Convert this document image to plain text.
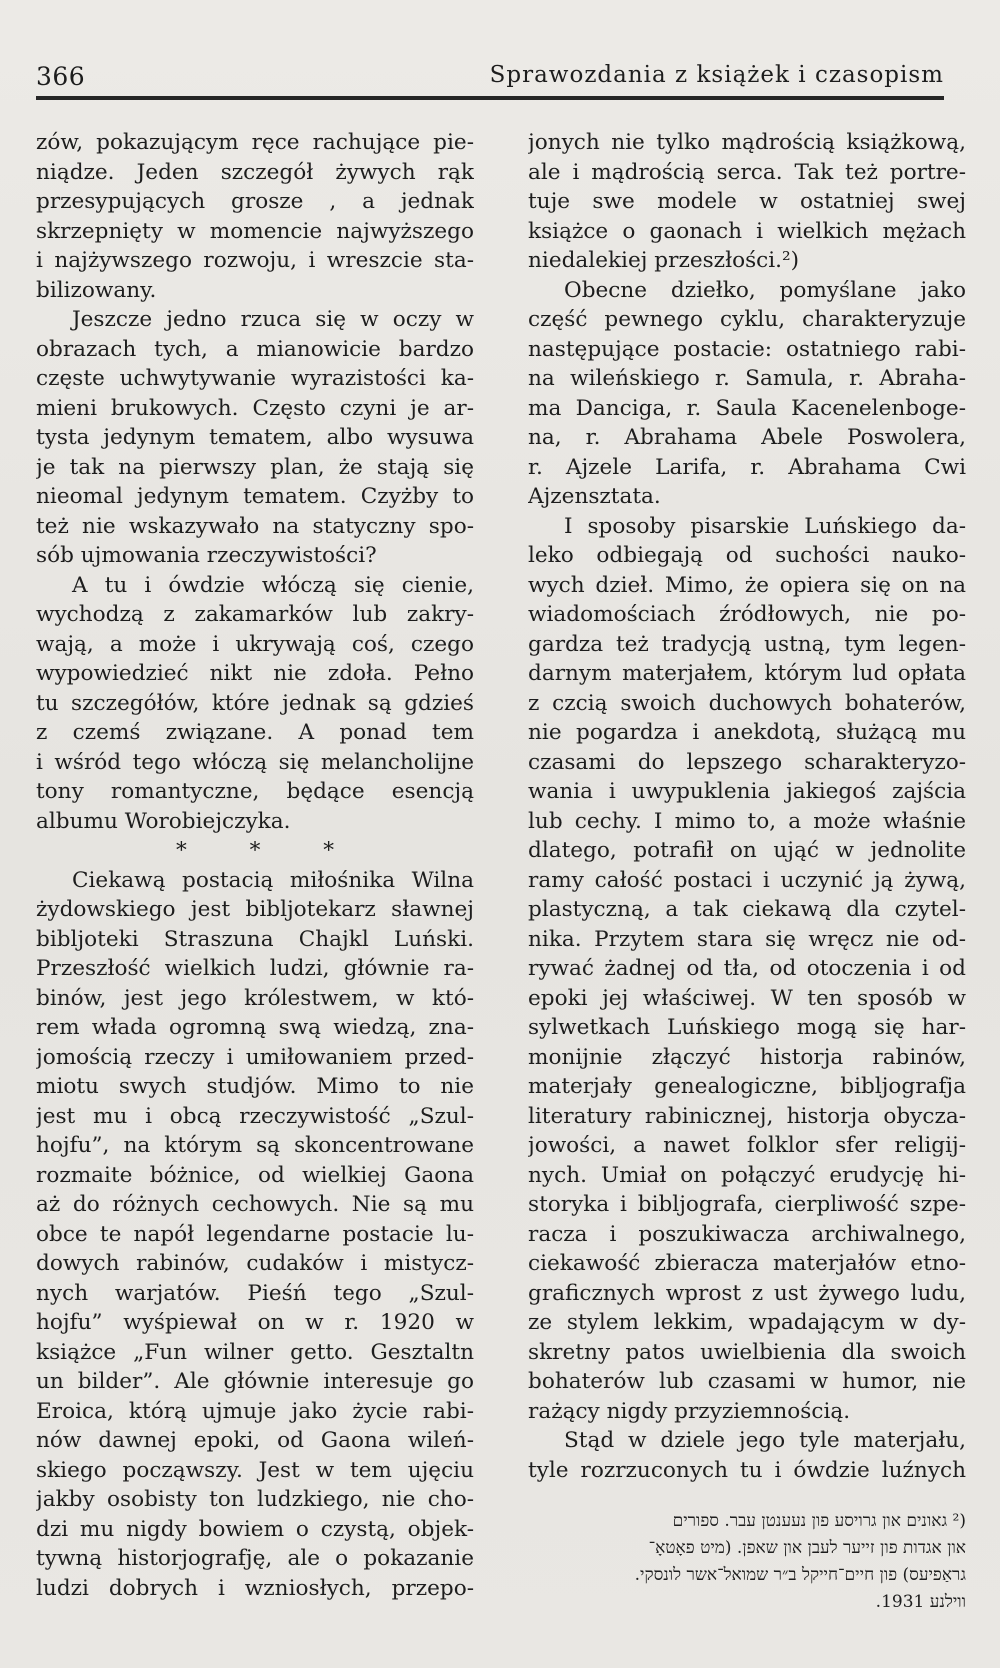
366	Sprawozdania z książek i czasopism
zów, pokazującym ręce rachujące pie-
niądze. Jeden szczegół żywych rąk
przesypujących grosze , a jednak
skrzepnięty w momencie najwyższego
i najżywszego rozwoju, i wreszcie sta-
bilizowany.
Jeszcze jedno rzuca się w oczy w
obrazach tych, a mianowicie bardzo
częste uchwytywanie wyrazistości ka-
mieni brukowych. Często czyni je ar-
tysta jedynym tematem, albo wysuwa
je tak na pierwszy plan, że stają się
nieomal jedynym tematem. Czyżby to
też nie wskazywało na statyczny spo-
sób ujmowania rzeczywistości?
A tu i ówdzie włóczą się cienie,
wychodzą z zakamarków lub zakry-
wają, a może i ukrywają coś, czego
wypowiedzieć nikt nie zdoła. Pełno
tu szczegółów, które jednak są gdzieś
z czemś związane. A ponad tem
i wśród tego włóczą się melancholijne
tony romantyczne, będące esencją
albumu Worobiejczyka.
* * *
Ciekawą postacią miłośnika Wilna
żydowskiego jest bibljotekarz sławnej
bibljoteki Straszuna Chajkl Luński.
Przeszłość wielkich ludzi, głównie ra-
binów, jest jego królestwem, w któ-
rem włada ogromną swą wiedzą, zna-
jomością rzeczy i umiłowaniem przed-
miotu swych studjów. Mimo to nie
jest mu i obcą rzeczywistość „Szul-
hojfu”, na którym są skoncentrowane
rozmaite bóżnice, od wielkiej Gaona
aż do różnych cechowych. Nie są mu
obce te napół legendarne postacie lu-
dowych rabinów, cudaków i mistycz-
nych warjatów. Pieśń tego „Szul-
hojfu” wyśpiewał on w r. 1920 w
książce „Fun wilner getto. Gesztaltn
un bilder”. Ale głównie interesuje go
Eroica, którą ujmuje jako życie rabi-
nów dawnej epoki, od Gaona wileń-
skiego począwszy. Jest w tem ujęciu
jakby osobisty ton ludzkiego, nie cho-
dzi mu nigdy bowiem o czystą, objek-
tywną historjografję, ale o pokazanie
ludzi dobrych i wzniosłych, przepo-
jonych nie tylko mądrością książkową,
ale i mądrością serca. Tak też portre-
tuje swe modele w ostatniej swej
książce o gaonach i wielkich mężach
niedalekiej przeszłości.²)
Obecne dziełko, pomyślane jako
część pewnego cyklu, charakteryzuje
następujące postacie: ostatniego rabi-
na wileńskiego r. Samula, r. Abraha-
ma Danciga, r. Saula Kacenelenboge-
na, r. Abrahama Abele Poswolera,
r. Ajzele Larifa, r. Abrahama Cwi
Ajzensztata.
I sposoby pisarskie Luńskiego da-
leko odbiegają od suchości nauko-
wych dzieł. Mimo, że opiera się on na
wiadomościach źródłowych, nie po-
gardza też tradycją ustną, tym legen-
darnym materjałem, którym lud opłata
z czcią swoich duchowych bohaterów,
nie pogardza i anekdotą, służącą mu
czasami do lepszego scharakteryzo-
wania i uwypuklenia jakiegoś zajścia
lub cechy. I mimo to, a może właśnie
dlatego, potrafił on ująć w jednolite
ramy całość postaci i uczynić ją żywą,
plastyczną, a tak ciekawą dla czytel-
nika. Przytem stara się wręcz nie od-
rywać żadnej od tła, od otoczenia i od
epoki jej właściwej. W ten sposób w
sylwetkach Luńskiego mogą się har-
monijnie złączyć historja rabinów,
materjały genealogiczne, bibljografja
literatury rabinicznej, historja obycza-
jowości, a nawet folklor sfer religij-
nych. Umiał on połączyć erudycję hi-
storyka i bibljografa, cierpliwość szpe-
racza i poszukiwacza archiwalnego,
ciekawość zbieracza materjałów etno-
graficznych wprost z ust żywego ludu,
ze stylem lekkim, wpadającym w dy-
skretny patos uwielbienia dla swoich
bohaterów lub czasami w humor, nie
rażący nigdy przyziemnością.
Stąd w dziele jego tyle materjału,
tyle rozrzuconych tu i ówdzie luźnych
(² גאונים און גרויסע פון נעענטן עבר. ספורים
און אגדות פון זייער לעבן און שאפן. (מיט פאָטאָ־
גראַפיעס) פון חיים־חייקל ב״ר שמואל־אשר לונסקי.
ווילנע 1931.
